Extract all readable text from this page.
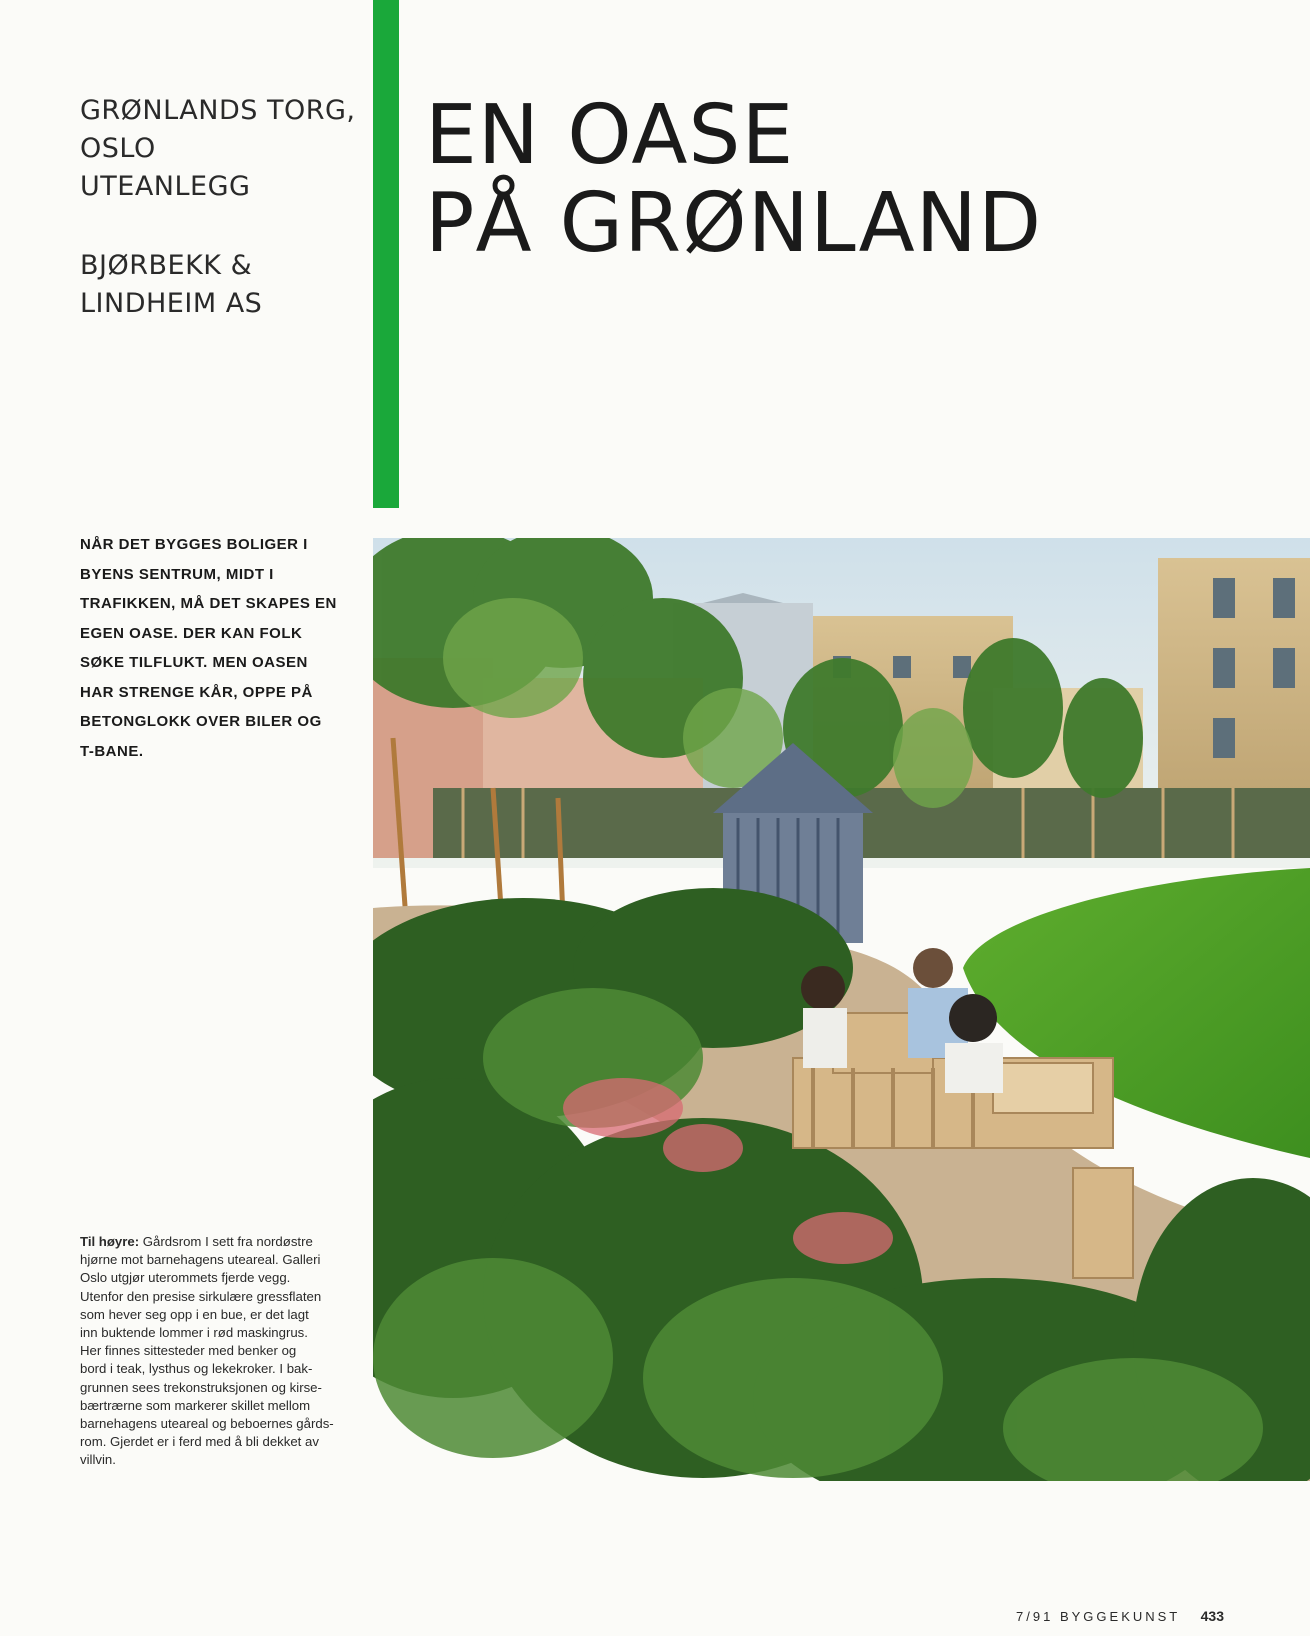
GRØNLANDS TORG,
OSLO
UTEANLEGG
BJØRBEKK &
LINDHEIM AS
EN OASE
PÅ GRØNLAND
NÅR DET BYGGES BOLIGER I
BYENS SENTRUM, MIDT I
TRAFIKKEN, MÅ DET SKAPES EN
EGEN OASE. DER KAN FOLK
SØKE TILFLUKT. MEN OASEN
HAR STRENGE KÅR, OPPE PÅ
BETONGLOKK OVER BILER OG
T-BANE.
Til høyre: Gårdsrom I sett fra nordøstre
hjørne mot barnehagens uteareal. Galleri
Oslo utgjør uterommets fjerde vegg.
Utenfor den presise sirkulære gressflaten
som hever seg opp i en bue, er det lagt
inn buktende lommer i rød maskingrus.
Her finnes sittesteder med benker og
bord i teak, lysthus og lekekroker. I bak-
grunnen sees trekonstruksjonen og kirse-
bærtrærne som markerer skillet mellom
barnehagens uteareal og beboernes gårds-
rom. Gjerdet er i ferd med å bli dekket av
villvin.
7/91 BYGGEKUNST 433
